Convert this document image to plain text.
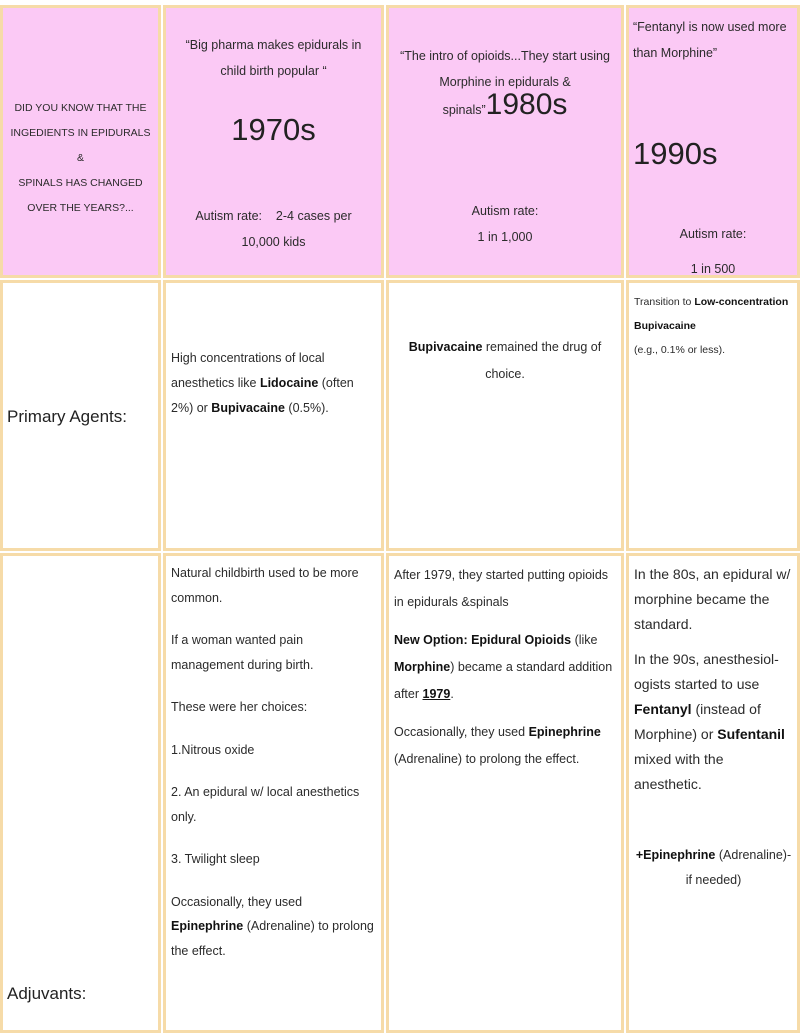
DID YOU KNOW THAT THE
INGEDIENTS IN EPIDURALS &
SPINALS HAS CHANGED
OVER THE YEARS?...
“Big pharma makes epidurals in child birth popular “
1970s
Autism rate: 2-4 cases per 10,000 kids
“The intro of opioids...They start using Morphine in epidurals & spinals”1980s
Autism rate:
1 in 1,000
“Fentanyl is now used more than Morphine”
1990s
Autism rate:
1 in 500
Primary Agents:
High concentrations of local anesthetics like Lidocaine (often 2%) or Bupivacaine (0.5%).
Bupivacaine remained the drug of choice.
Transition to Low-concentration Bupivacaine
(e.g., 0.1% or less).
Adjuvants:

Natural childbirth used to be more common.

If a woman wanted pain management during birth.

These were her choices:

1.Nitrous oxide

2. An epidural w/ local anesthetics only.

3. Twilight sleep

Occasionally, they used Epinephrine (Adrenaline) to prolong the effect.

After 1979, they started putting opioids in epidurals &spinals

New Option: Epidural Opioids (like Morphine) became a standard addition after 1979.

Occasionally, they used Epinephrine (Adrenaline) to prolong the effect.

In the 80s, an epidural w/ morphine became the standard.

In the 90s, anesthesiol-ogists started to use Fentanyl (instead of Morphine) or Sufentanil mixed with the anesthetic.

+Epinephrine (Adrenaline)-if needed)
